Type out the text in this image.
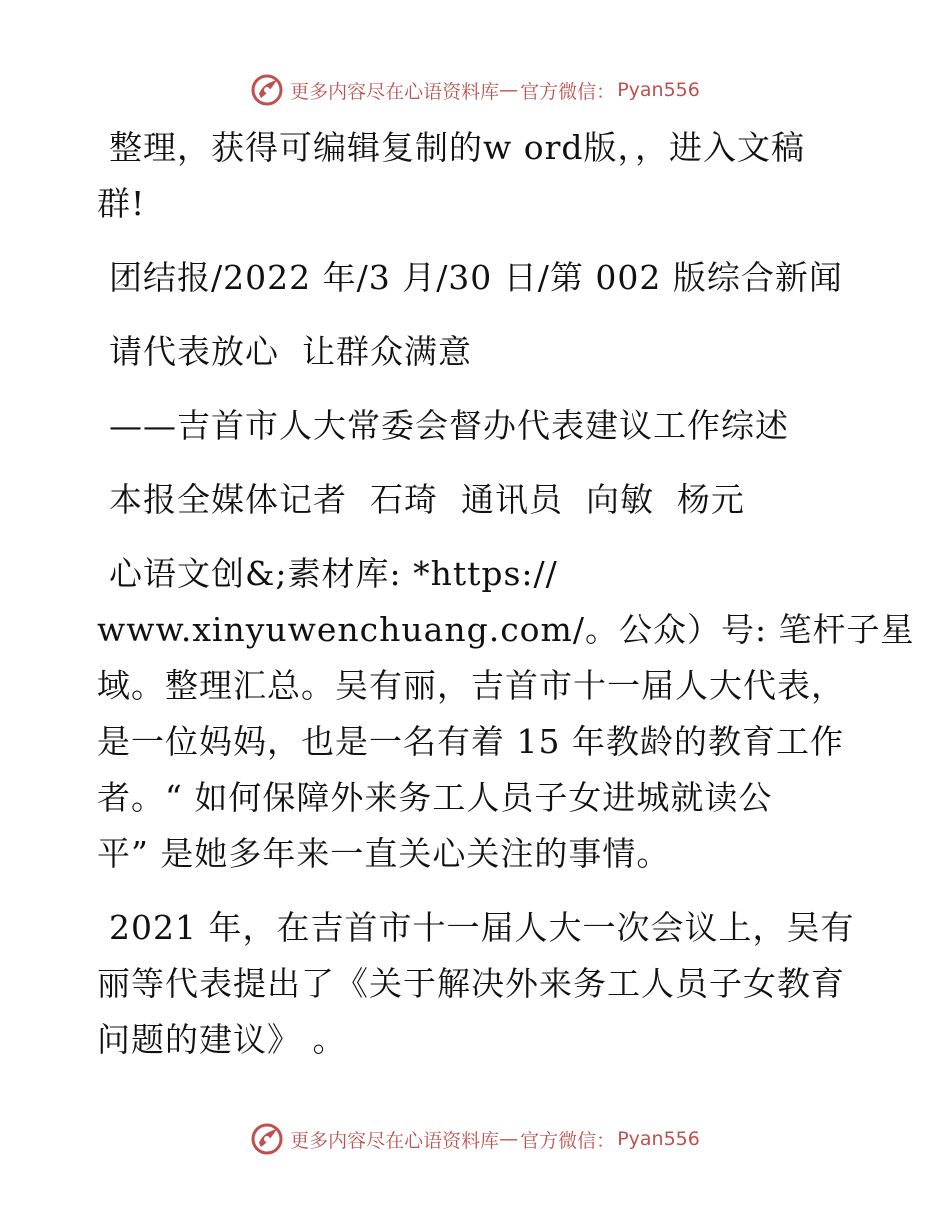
更多内容尽在心语资料库 — 官方微信： Pyan556
整理，获得可编辑复制的w ord版，，进入文稿
群!
团结报/2022 年/3 月/30 日/第 002 版综合新闻
请代表放心  让群众满意
——吉首市人大常委会督办代表建议工作综述
本报全媒体记者  石琦  通讯员  向敏  杨元
心语文创&;素材库: *https://
www.xinyuwenchuang.com/。公众）号: 笔杆子星
域。整理汇总。吴有丽，吉首市十一届人大代表，
是一位妈妈，也是一名有着 15 年教龄的教育工作
者。“ 如何保障外来务工人员子女进城就读公
平” 是她多年来一直关心关注的事情。
2021 年，在吉首市十一届人大一次会议上，吴有
丽等代表提出了《关于解决外来务工人员子女教育
问题的建议》 。
更多内容尽在心语资料库 — 官方微信： Pyan556
